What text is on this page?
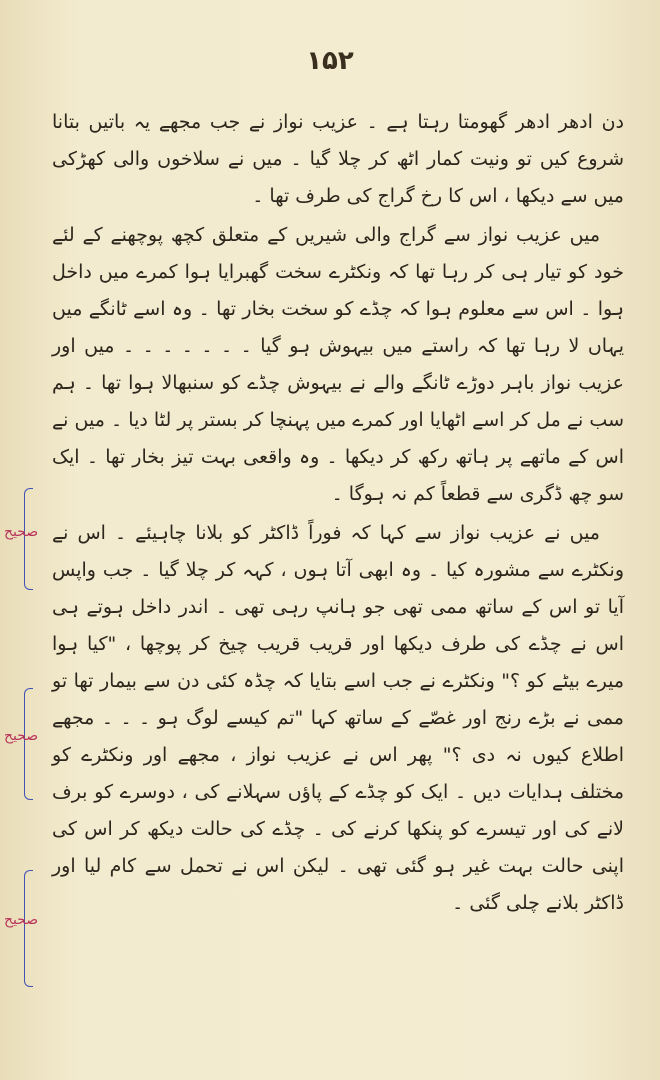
۱۵۲

دن ادھر ادھر گھومتا رہتا ہے ۔ عزیب نواز نے جب مجھے یہ باتیں بتانا شروع کیں تو ونیت کمار اٹھ کر چلا گیا ۔ میں نے سلاخوں والی کھڑکی میں سے دیکھا ، اس کا رخ گراج کی طرف تھا ۔

میں عزیب نواز سے گراج والی شیریں کے متعلق کچھ پوچھنے کے لئے خود کو تیار ہی کر رہا تھا کہ ونکٹرے سخت گھبرایا ہوا کمرے میں داخل ہوا ۔ اس سے معلوم ہوا کہ چڈے کو سخت بخار تھا ۔ وہ اسے ٹانگے میں یہاں لا رہا تھا کہ راستے میں بیہوش ہو گیا ۔ ۔ ۔ ۔ ۔ ۔ ۔ میں اور عزیب نواز باہر دوڑے ٹانگے والے نے بیہوش چڈے کو سنبھالا ہوا تھا ۔ ہم سب نے مل کر اسے اٹھایا اور کمرے میں پہنچا کر بستر پر لٹا دیا ۔ میں نے اس کے ماتھے پر ہاتھ رکھ کر دیکھا ۔ وہ واقعی بہت تیز بخار تھا ۔ ایک سو چھ ڈگری سے قطعاً کم نہ ہوگا ۔

میں نے عزیب نواز سے کہا کہ فوراً ڈاکٹر کو بلانا چاہیئے ۔ اس نے ونکٹرے سے مشورہ کیا ۔ وہ ابھی آتا ہوں ، کہہ کر چلا گیا ۔ جب واپس آیا تو اس کے ساتھ ممی تھی جو ہانپ رہی تھی ۔ اندر داخل ہوتے ہی اس نے چڈے کی طرف دیکھا اور قریب قریب چیخ کر پوچھا ، "کیا ہوا میرے بیٹے کو ؟" ونکٹرے نے جب اسے بتایا کہ چڈہ کئی دن سے بیمار تھا تو ممی نے بڑے رنج اور غصّے کے ساتھ کہا "تم کیسے لوگ ہو ۔ ۔ ۔ مجھے اطلاع کیوں نہ دی ؟" پھر اس نے عزیب نواز ، مجھے اور ونکٹرے کو مختلف ہدایات دیں ۔ ایک کو چڈے کے پاؤں سہلانے کی ، دوسرے کو برف لانے کی اور تیسرے کو پنکھا کرنے کی ۔ چڈے کی حالت دیکھ کر اس کی اپنی حالت بہت غیر ہو گئی تھی ۔ لیکن اس نے تحمل سے کام لیا اور ڈاکٹر بلانے چلی گئی ۔

صحیح
صحیح
صحیح
